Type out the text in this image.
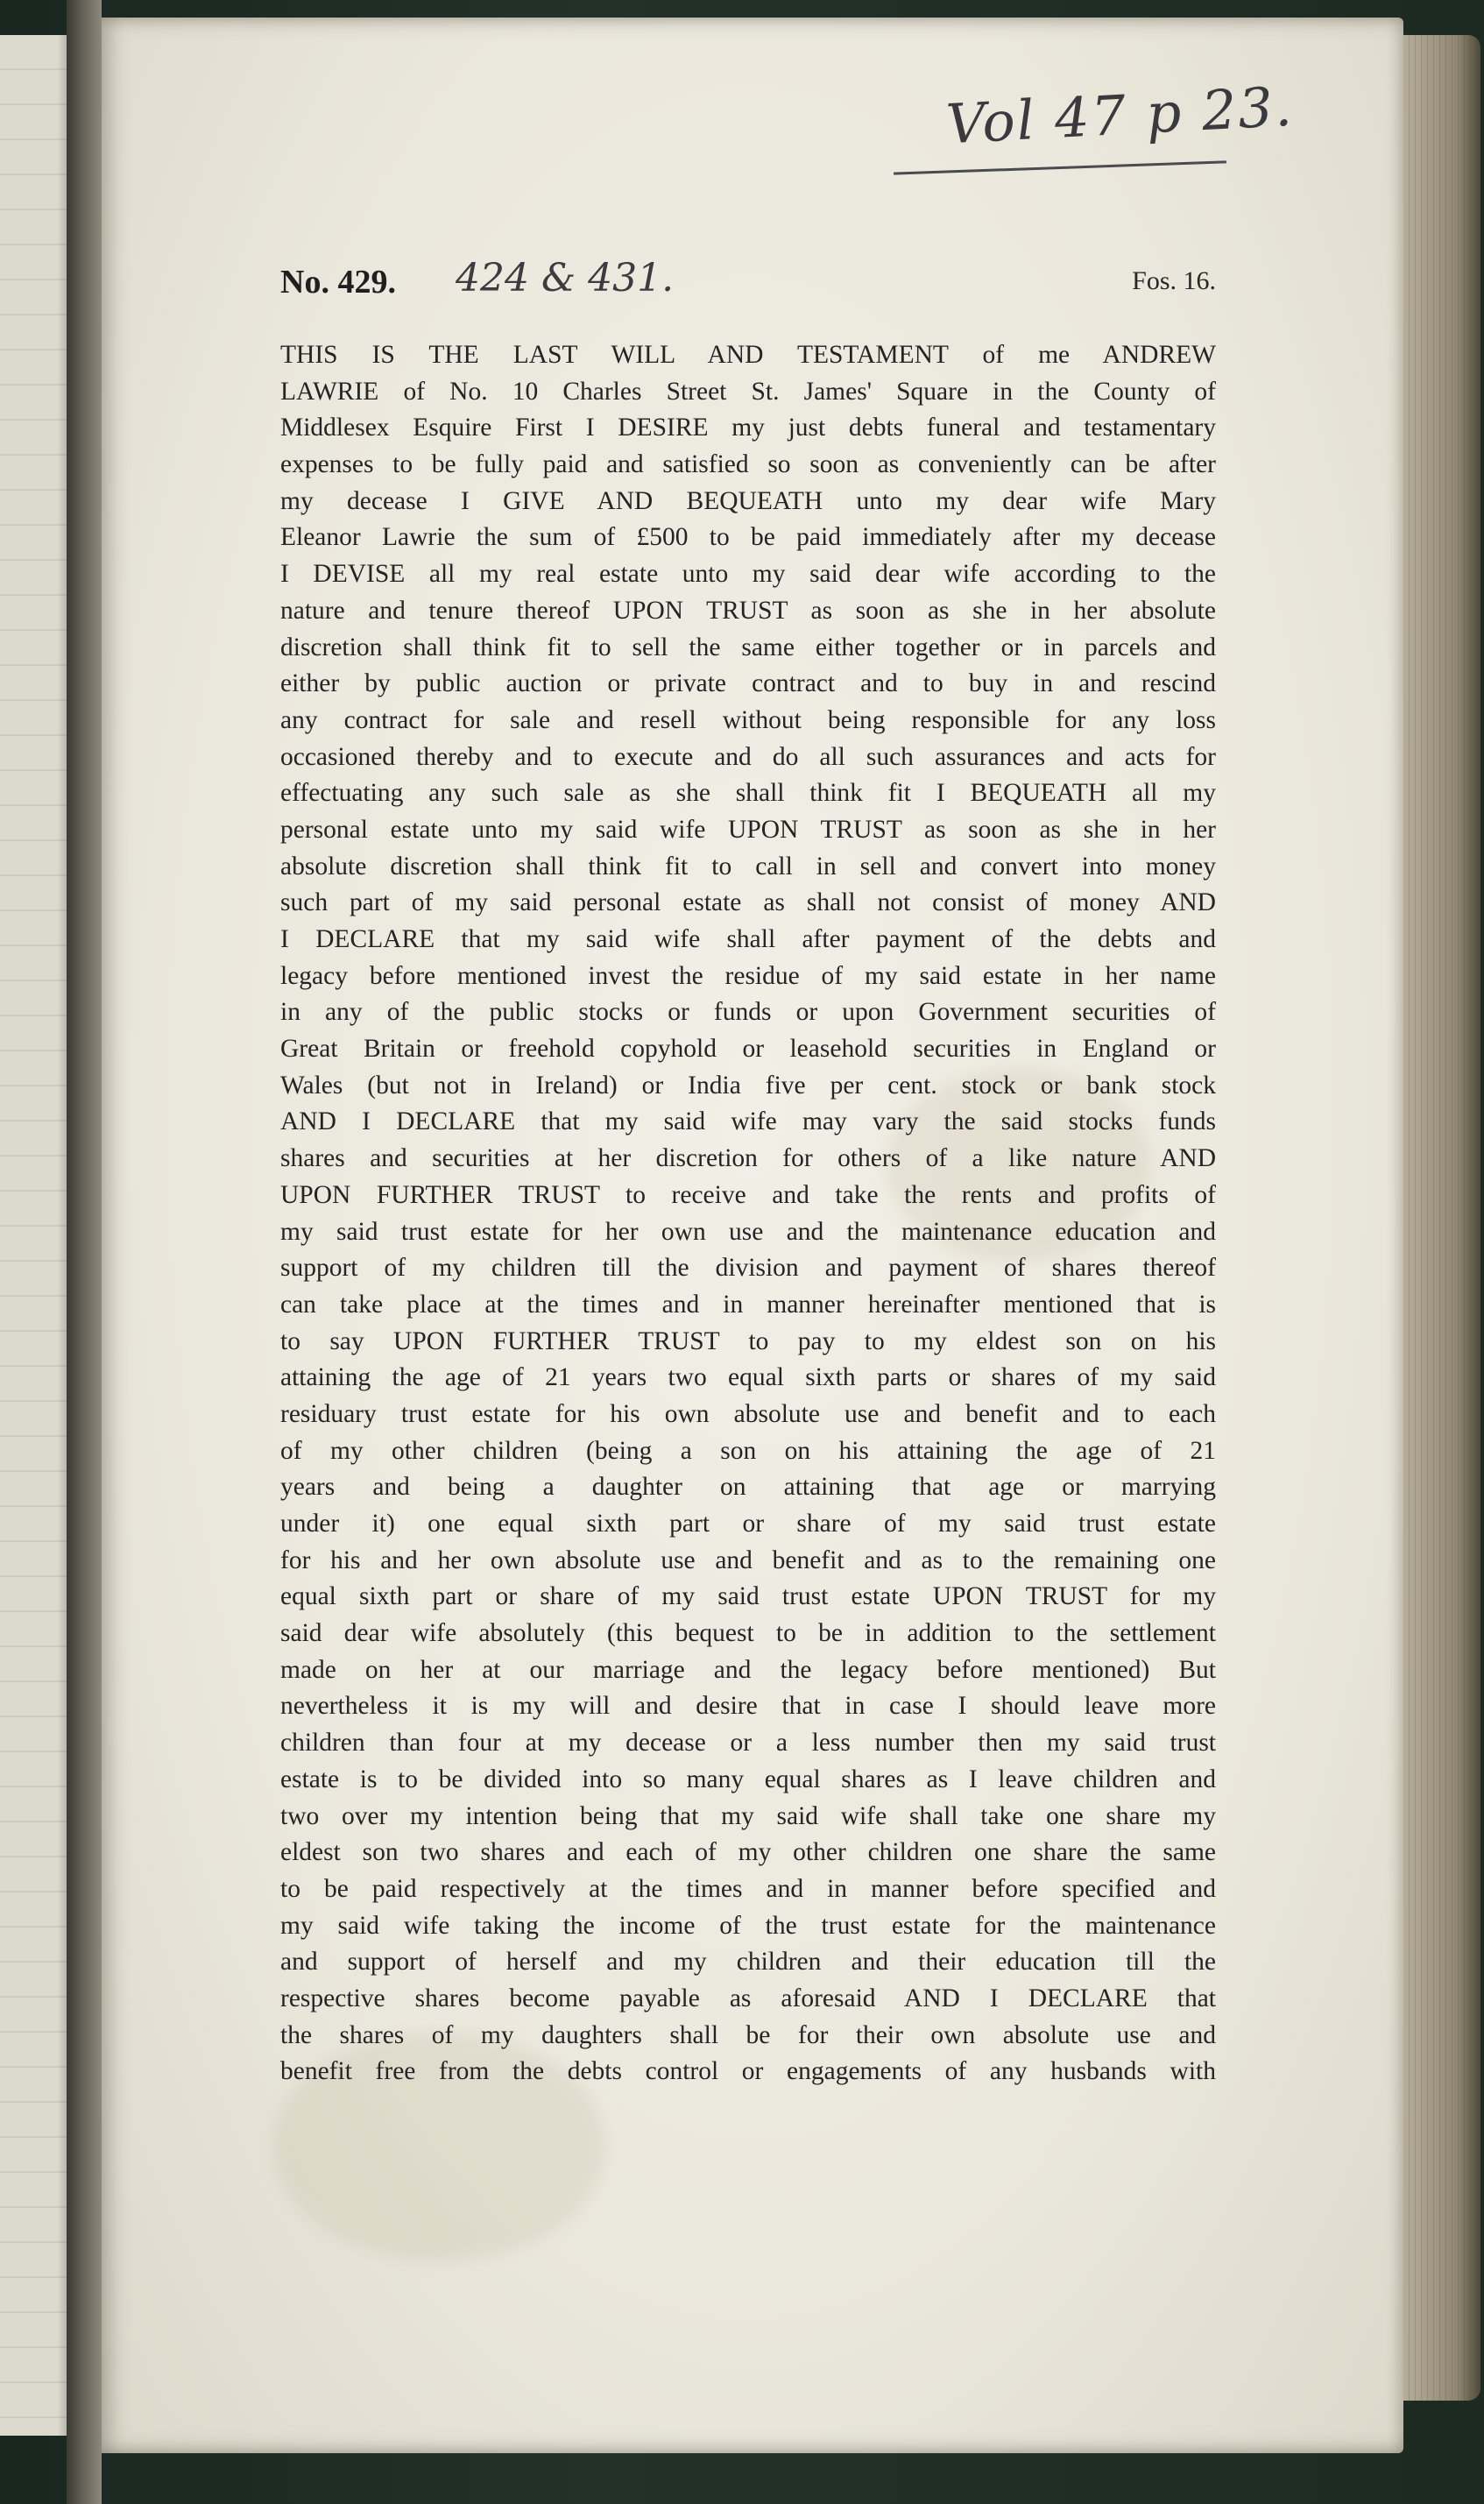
Vol 47 p 23.
No. 429. 424 & 431.	Fos. 16.
THIS IS THE LAST WILL AND TESTAMENT of me ANDREW
LAWRIE of No. 10 Charles Street St. James' Square in the County of
Middlesex Esquire First I DESIRE my just debts funeral and testamentary
expenses to be fully paid and satisfied so soon as conveniently can be after
my decease I GIVE AND BEQUEATH unto my dear wife Mary
Eleanor Lawrie the sum of £500 to be paid immediately after my decease
I DEVISE all my real estate unto my said dear wife according to the
nature and tenure thereof UPON TRUST as soon as she in her absolute
discretion shall think fit to sell the same either together or in parcels and
either by public auction or private contract and to buy in and rescind
any contract for sale and resell without being responsible for any loss
occasioned thereby and to execute and do all such assurances and acts for
effectuating any such sale as she shall think fit I BEQUEATH all my
personal estate unto my said wife UPON TRUST as soon as she in her
absolute discretion shall think fit to call in sell and convert into money
such part of my said personal estate as shall not consist of money AND
I DECLARE that my said wife shall after payment of the debts and
legacy before mentioned invest the residue of my said estate in her name
in any of the public stocks or funds or upon Government securities of
Great Britain or freehold copyhold or leasehold securities in England or
Wales (but not in Ireland) or India five per cent. stock or bank stock
AND I DECLARE that my said wife may vary the said stocks funds
shares and securities at her discretion for others of a like nature AND
UPON FURTHER TRUST to receive and take the rents and profits of
my said trust estate for her own use and the maintenance education and
support of my children till the division and payment of shares thereof
can take place at the times and in manner hereinafter mentioned that is
to say UPON FURTHER TRUST to pay to my eldest son on his
attaining the age of 21 years two equal sixth parts or shares of my said
residuary trust estate for his own absolute use and benefit and to each
of my other children (being a son on his attaining the age of 21
years and being a daughter on attaining that age or marrying
under it) one equal sixth part or share of my said trust estate
for his and her own absolute use and benefit and as to the remaining one
equal sixth part or share of my said trust estate UPON TRUST for my
said dear wife absolutely (this bequest to be in addition to the settlement
made on her at our marriage and the legacy before mentioned) But
nevertheless it is my will and desire that in case I should leave more
children than four at my decease or a less number then my said trust
estate is to be divided into so many equal shares as I leave children and
two over my intention being that my said wife shall take one share my
eldest son two shares and each of my other children one share the same
to be paid respectively at the times and in manner before specified and
my said wife taking the income of the trust estate for the maintenance
and support of herself and my children and their education till the
respective shares become payable as aforesaid AND I DECLARE that
the shares of my daughters shall be for their own absolute use and
benefit free from the debts control or engagements of any husbands with
